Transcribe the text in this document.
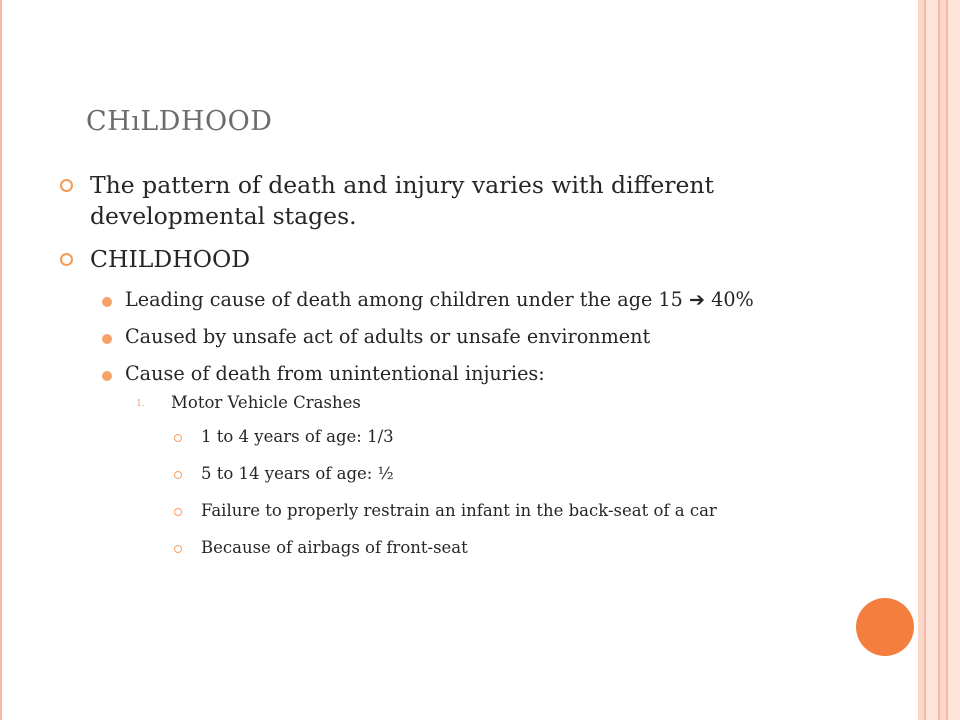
CHıLDHOOD
The pattern of death and injury varies with different developmental stages.
CHILDHOOD
Leading cause of death among children under the age 15 ➔ 40%
Caused by unsafe act of adults or unsafe environment
Cause of death from unintentional injuries:
1. Motor Vehicle Crashes
1 to 4 years of age: 1/3
5 to 14 years of age: ½
Failure to properly restrain an infant in the back-seat of a car
Because of airbags of front-seat
